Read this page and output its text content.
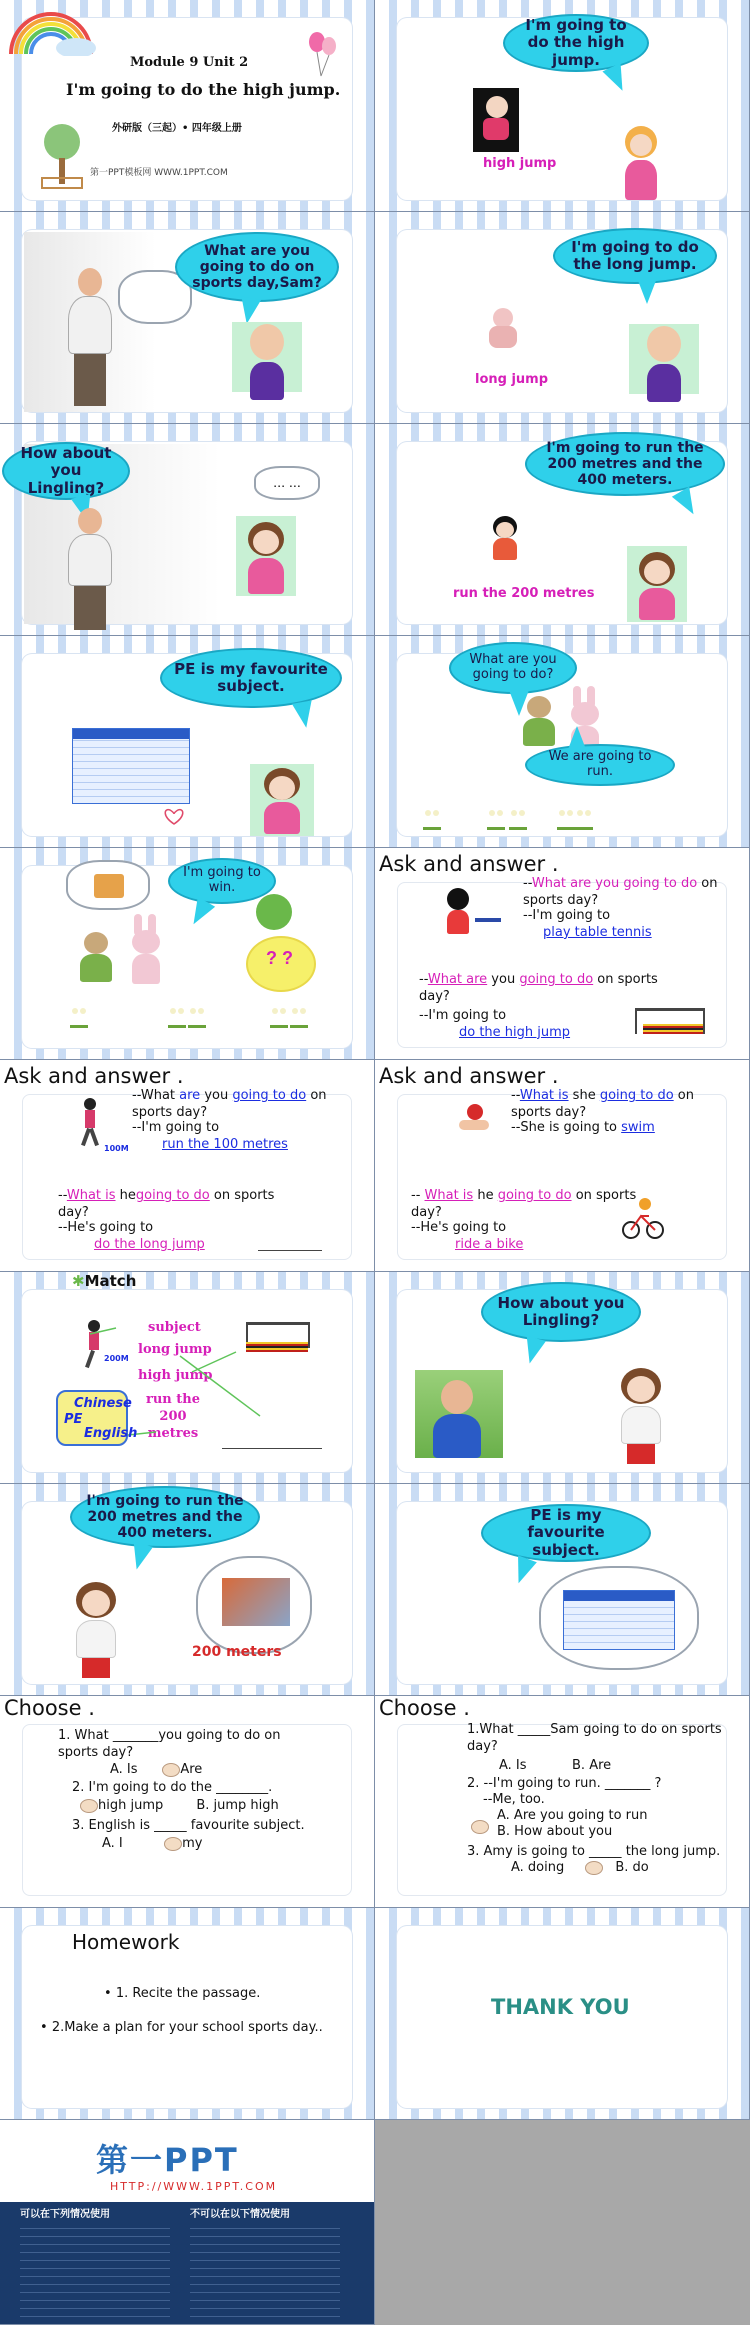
Module 9 Unit 2
I'm going to do the high jump.
外研版（三起）• 四年级上册
第一PPT模板网 WWW.1PPT.COM
I'm going to do the high jump.
high jump
What are you going to do on sports day,Sam?
I'm going to do the long jump.
long jump
How about you Lingling?	… …
I'm going to run the 200 metres and the 400 meters.
run the 200 metres
PE is my favourite subject.
What are you going to do?
We are going to run.
I'm going to win.
? ?
Ask and answer .
--What are you going to do on sports day?
--I'm going to
play table tennis
--What are you going to do on sports day?
--I'm going to
do the high jump
Ask and answer .
100M
--What are you going to do on sports day?
--I'm going to
run the 100 metres
--What is hegoing to do on sports day?
--He's going to
do the long jump
Ask and answer .
--What is she going to do on sports day?
--She is going to swim
-- What is he going to do on sports day?
--He's going to
ride a bike
✱Match
200M
subject
long jump
high jump
run the 200 metres
Chinese
PE
English
How about you Lingling?
I'm going to run the 200 metres and the 400 meters.
200 meters
PE is my favourite subject.
Choose .
1. What _______you going to do on sports day?
A. Is	Are
2. I'm going to do the ________.
high jump	B. jump high
3. English is _____ favourite subject.
A. I	my
Choose .
1.What _____Sam going to do on sports day?
A. Is	B. Are
2. --I'm going to run. _______ ?
--Me, too.
A. Are you going to run
B. How about you
3. Amy is going to _____ the long jump.
A. doing	B. do
Homework
• 1. Recite the passage.
• 2.Make a plan for your school sports day..
THANK YOU
第一PPT
HTTP://WWW.1PPT.COM
可以在下列情况使用	不可以在以下情况使用
